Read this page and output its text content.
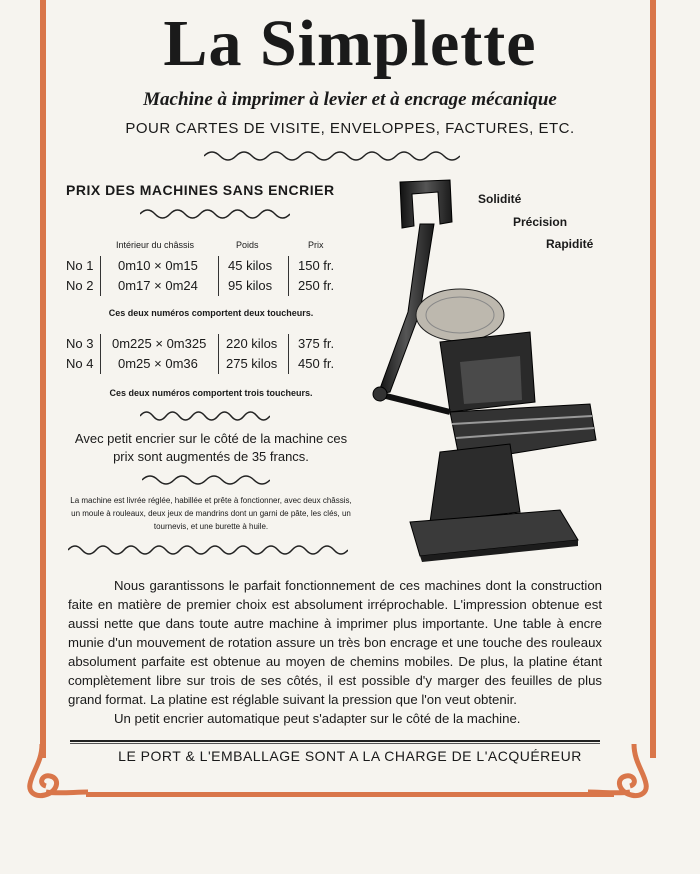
La Simplette
Machine à imprimer à levier et à encrage mécanique
POUR CARTES DE VISITE, ENVELOPPES, FACTURES, ETC.
PRIX DES MACHINES SANS ENCRIER
Intérieur du châssis	Poids	Prix
No 1 0m10 × 0m15 45 kilos 150 fr.
No 2 0m17 × 0m24 95 kilos 250 fr.
Ces deux numéros comportent deux toucheurs.
No 3 0m225 × 0m325 220 kilos 375 fr.
No 4 0m25 × 0m36 275 kilos 450 fr.
Ces deux numéros comportent trois toucheurs.
Avec petit encrier sur le côté de la machine ces prix sont augmentés de 35 francs.
La machine est livrée réglée, habillée et prête à fonctionner, avec deux châssis, un moule à rouleaux, deux jeux de mandrins dont un garni de pâte, les clés, un tournevis, et une burette à huile.
Solidité
Précision
Rapidité

Nous garantissons le parfait fonctionnement de ces machines dont la construction faite en matière de premier choix est absolument irréprochable. L'impression obtenue est aussi nette que dans toute autre machine à imprimer plus importante. Une table à encre munie d'un mouvement de rotation assure un très bon encrage et une touche des rouleaux absolument parfaite est obtenue au moyen de chemins mobiles. De plus, la platine étant complètement libre sur trois de ses côtés, il est possible d'y marger des feuilles de plus grand format. La platine est réglable suivant la pression que l'on veut obtenir.

Un petit encrier automatique peut s'adapter sur le côté de la machine.

LE PORT & L'EMBALLAGE SONT A LA CHARGE DE L'ACQUÉREUR
